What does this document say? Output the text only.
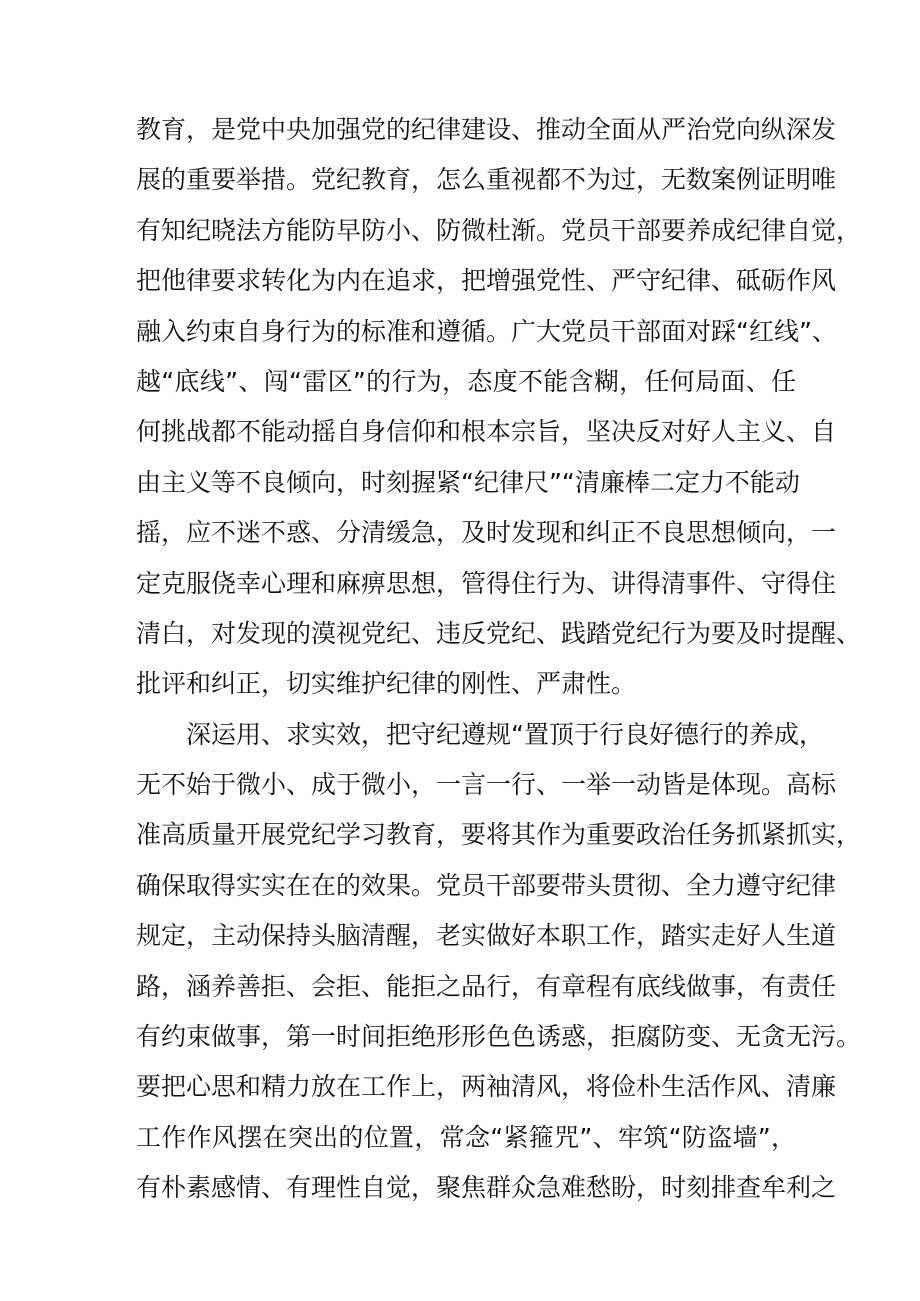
教育，是党中央加强党的纪律建设、推动全面从严治党向纵深发
展的重要举措。党纪教育，怎么重视都不为过，无数案例证明唯
有知纪晓法方能防早防小、防微杜渐。党员干部要养成纪律自觉，
把他律要求转化为内在追求，把增强党性、严守纪律、砥砺作风
融入约束自身行为的标准和遵循。广大党员干部面对踩“红线”、
越“底线”、闯“雷区”的行为，态度不能含糊，任何局面、任
何挑战都不能动摇自身信仰和根本宗旨，坚决反对好人主义、自
由主义等不良倾向，时刻握紧“纪律尺”“清廉棒二定力不能动
摇，应不迷不惑、分清缓急，及时发现和纠正不良思想倾向，一
定克服侥幸心理和麻痹思想，管得住行为、讲得清事件、守得住
清白，对发现的漠视党纪、违反党纪、践踏党纪行为要及时提醒、
批评和纠正，切实维护纪律的刚性、严肃性。
深运用、求实效，把守纪遵规“置顶于行良好德行的养成，
无不始于微小、成于微小，一言一行、一举一动皆是体现。高标
准高质量开展党纪学习教育，要将其作为重要政治任务抓紧抓实，
确保取得实实在在的效果。党员干部要带头贯彻、全力遵守纪律
规定，主动保持头脑清醒，老实做好本职工作，踏实走好人生道
路，涵养善拒、会拒、能拒之品行，有章程有底线做事，有责任
有约束做事，第一时间拒绝形形色色诱惑，拒腐防变、无贪无污。
要把心思和精力放在工作上，两袖清风，将俭朴生活作风、清廉
工作作风摆在突出的位置，常念“紧箍咒”、牢筑“防盗墙”，
有朴素感情、有理性自觉，聚焦群众急难愁盼，时刻排查牟利之
